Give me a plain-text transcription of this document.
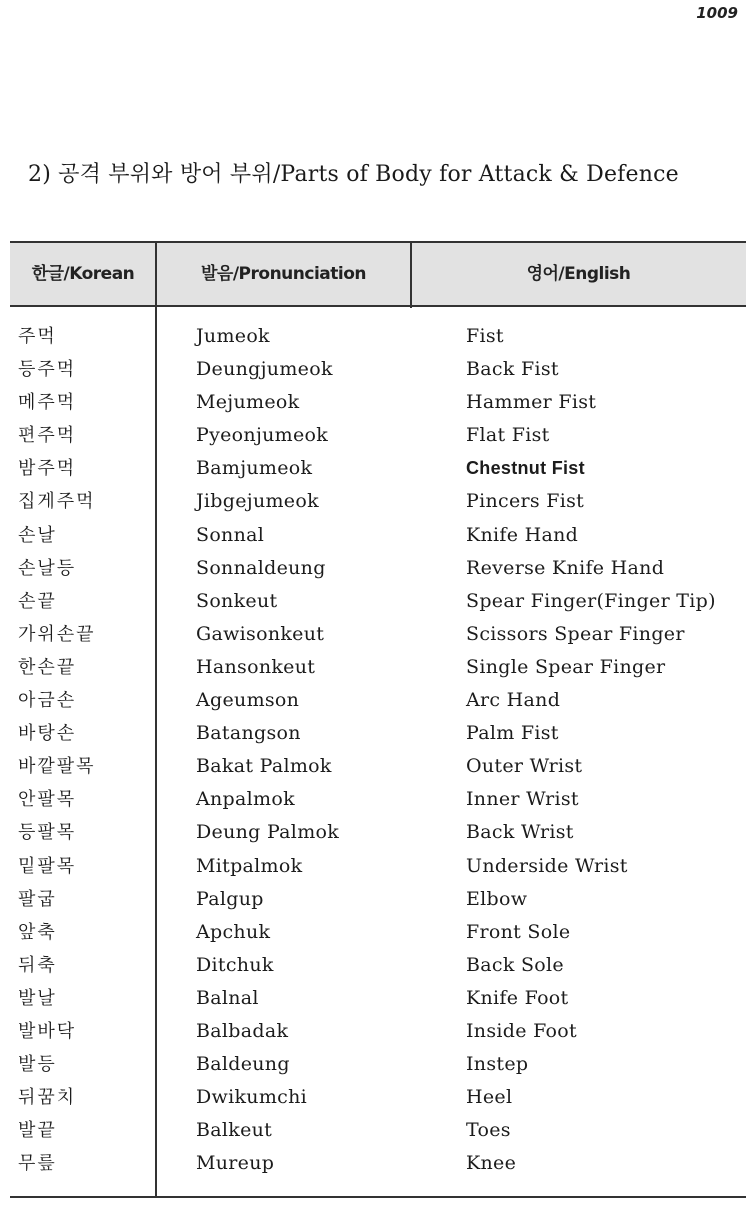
1009
2) 공격 부위와 방어 부위/Parts of Body for Attack & Defence
한글/Korean	발음/Pronunciation	영어/English
주먹	Jumeok	Fist
등주먹	Deungjumeok	Back Fist
메주먹	Mejumeok	Hammer Fist
편주먹	Pyeonjumeok	Flat Fist
밤주먹	Bamjumeok	Chestnut Fist
집게주먹	Jibgejumeok	Pincers Fist
손날	Sonnal	Knife Hand
손날등	Sonnaldeung	Reverse Knife Hand
손끝	Sonkeut	Spear Finger(Finger Tip)
가위손끝	Gawisonkeut	Scissors Spear Finger
한손끝	Hansonkeut	Single Spear Finger
아금손	Ageumson	Arc Hand
바탕손	Batangson	Palm Fist
바깥팔목	Bakat Palmok	Outer Wrist
안팔목	Anpalmok	Inner Wrist
등팔목	Deung Palmok	Back Wrist
밑팔목	Mitpalmok	Underside Wrist
팔굽	Palgup	Elbow
앞축	Apchuk	Front Sole
뒤축	Ditchuk	Back Sole
발날	Balnal	Knife Foot
발바닥	Balbadak	Inside Foot
발등	Baldeung	Instep
뒤꿈치	Dwikumchi	Heel
발끝	Balkeut	Toes
무릎	Mureup	Knee
